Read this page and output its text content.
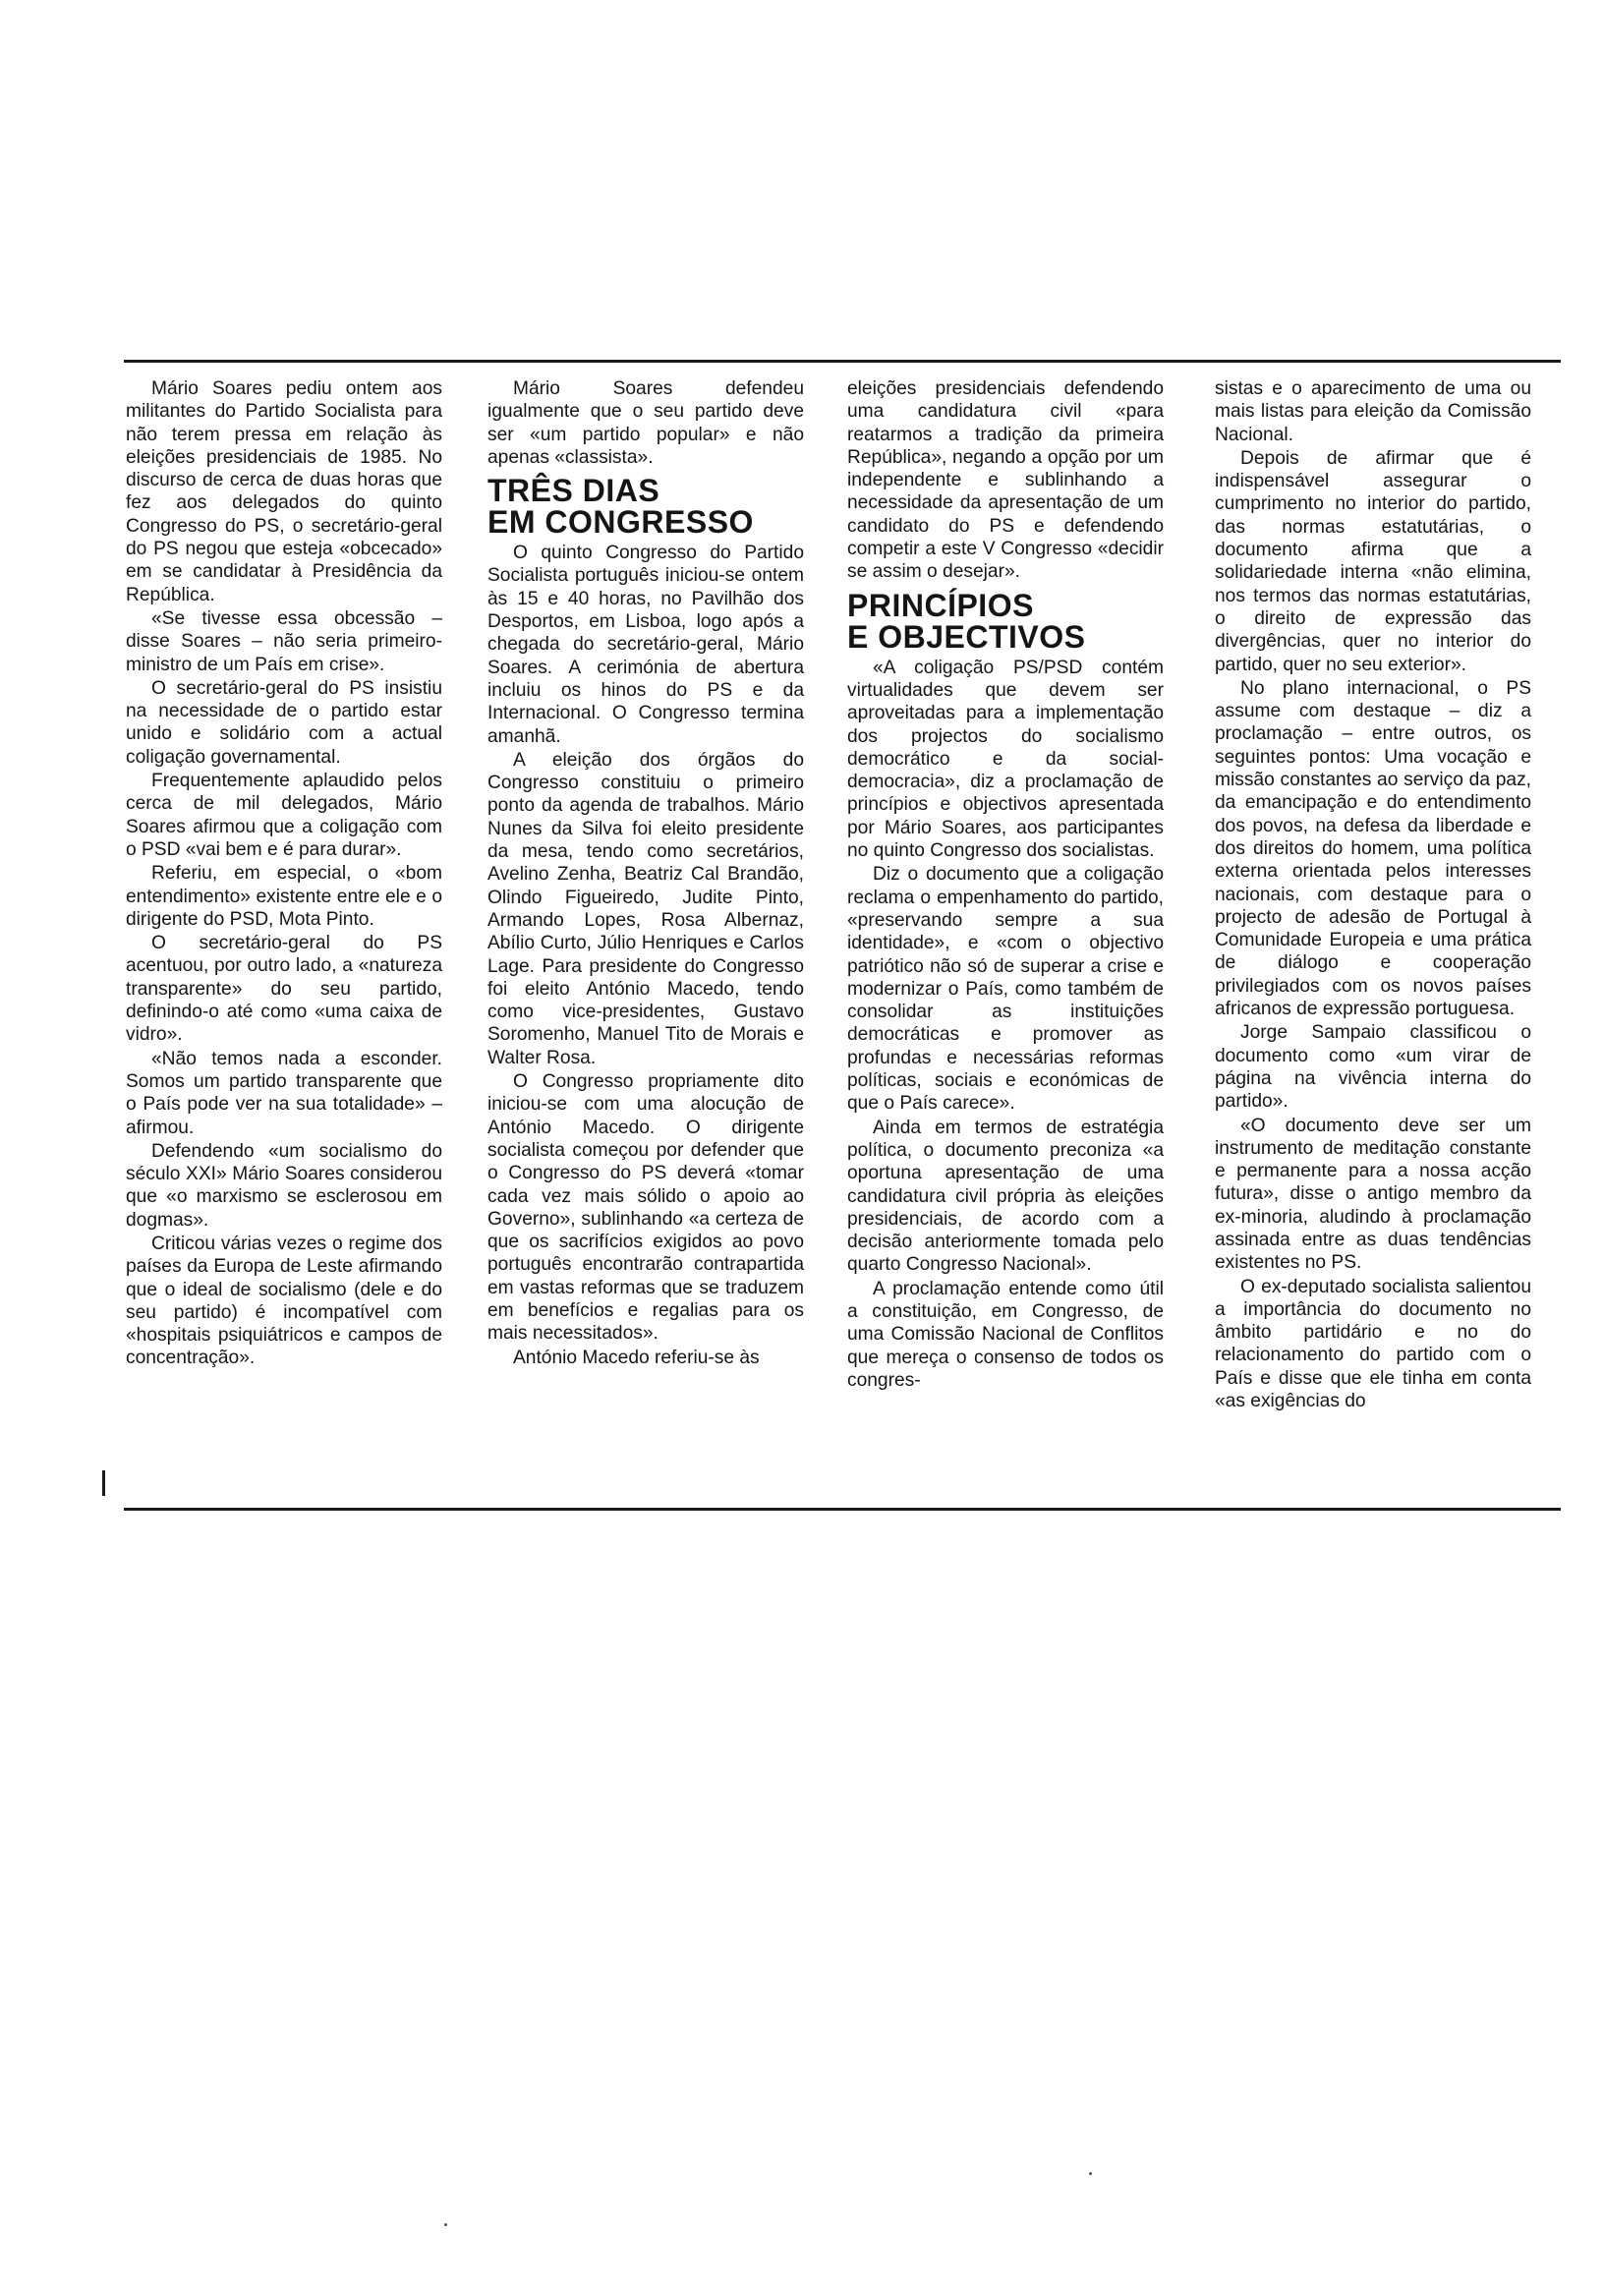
Mário Soares pediu ontem aos militantes do Partido Socialista para não terem pressa em relação às eleições presidenciais de 1985. No discurso de cerca de duas horas que fez aos delegados do quinto Congresso do PS, o secretário-geral do PS negou que esteja «obcecado» em se candidatar à Presidência da República.

«Se tivesse essa obcessão – disse Soares – não seria primeiro-ministro de um País em crise».

O secretário-geral do PS insistiu na necessidade de o partido estar unido e solidário com a actual coligação governamental.

Frequentemente aplaudido pelos cerca de mil delegados, Mário Soares afirmou que a coligação com o PSD «vai bem e é para durar».

Referiu, em especial, o «bom entendimento» existente entre ele e o dirigente do PSD, Mota Pinto.

O secretário-geral do PS acentuou, por outro lado, a «natureza transparente» do seu partido, definindo-o até como «uma caixa de vidro».

«Não temos nada a esconder. Somos um partido transparente que o País pode ver na sua totalidade» – afirmou.

Defendendo «um socialismo do século XXI» Mário Soares considerou que «o marxismo se esclerosou em dogmas».

Criticou várias vezes o regime dos países da Europa de Leste afirmando que o ideal de socialismo (dele e do seu partido) é incompatível com «hospitais psiquiátricos e campos de concentração».

Mário Soares defendeu igualmente que o seu partido deve ser «um partido popular» e não apenas «classista».

TRÊS DIAS
EM CONGRESSO

O quinto Congresso do Partido Socialista português iniciou-se ontem às 15 e 40 horas, no Pavilhão dos Desportos, em Lisboa, logo após a chegada do secretário-geral, Mário Soares. A cerimónia de abertura incluiu os hinos do PS e da Internacional. O Congresso termina amanhã.

A eleição dos órgãos do Congresso constituiu o primeiro ponto da agenda de trabalhos. Mário Nunes da Silva foi eleito presidente da mesa, tendo como secretários, Avelino Zenha, Beatriz Cal Brandão, Olindo Figueiredo, Judite Pinto, Armando Lopes, Rosa Albernaz, Abílio Curto, Júlio Henriques e Carlos Lage. Para presidente do Congresso foi eleito António Macedo, tendo como vice-presidentes, Gustavo Soromenho, Manuel Tito de Morais e Walter Rosa.

O Congresso propriamente dito iniciou-se com uma alocução de António Macedo. O dirigente socialista começou por defender que o Congresso do PS deverá «tomar cada vez mais sólido o apoio ao Governo», sublinhando «a certeza de que os sacrifícios exigidos ao povo português encontrarão contrapartida em vastas reformas que se traduzem em benefícios e regalias para os mais necessitados».

António Macedo referiu-se às

eleições presidenciais defendendo uma candidatura civil «para reatarmos a tradição da primeira República», negando a opção por um independente e sublinhando a necessidade da apresentação de um candidato do PS e defendendo competir a este V Congresso «decidir se assim o desejar».

PRINCÍPIOS
E OBJECTIVOS

«A coligação PS/PSD contém virtualidades que devem ser aproveitadas para a implementação dos projectos do socialismo democrático e da social-democracia», diz a proclamação de princípios e objectivos apresentada por Mário Soares, aos participantes no quinto Congresso dos socialistas.

Diz o documento que a coligação reclama o empenhamento do partido, «preservando sempre a sua identidade», e «com o objectivo patriótico não só de superar a crise e modernizar o País, como também de consolidar as instituições democráticas e promover as profundas e necessárias reformas políticas, sociais e económicas de que o País carece».

Ainda em termos de estratégia política, o documento preconiza «a oportuna apresentação de uma candidatura civil própria às eleições presidenciais, de acordo com a decisão anteriormente tomada pelo quarto Congresso Nacional».

A proclamação entende como útil a constituição, em Congresso, de uma Comissão Nacional de Conflitos que mereça o consenso de todos os congres-

sistas e o aparecimento de uma ou mais listas para eleição da Comissão Nacional.

Depois de afirmar que é indispensável assegurar o cumprimento no interior do partido, das normas estatutárias, o documento afirma que a solidariedade interna «não elimina, nos termos das normas estatutárias, o direito de expressão das divergências, quer no interior do partido, quer no seu exterior».

No plano internacional, o PS assume com destaque – diz a proclamação – entre outros, os seguintes pontos: Uma vocação e missão constantes ao serviço da paz, da emancipação e do entendimento dos povos, na defesa da liberdade e dos direitos do homem, uma política externa orientada pelos interesses nacionais, com destaque para o projecto de adesão de Portugal à Comunidade Europeia e uma prática de diálogo e cooperação privilegiados com os novos países africanos de expressão portuguesa.

Jorge Sampaio classificou o documento como «um virar de página na vivência interna do partido».

«O documento deve ser um instrumento de meditação constante e permanente para a nossa acção futura», disse o antigo membro da ex-minoria, aludindo à proclamação assinada entre as duas tendências existentes no PS.

O ex-deputado socialista salientou a importância do documento no âmbito partidário e no do relacionamento do partido com o País e disse que ele tinha em conta «as exigências do
